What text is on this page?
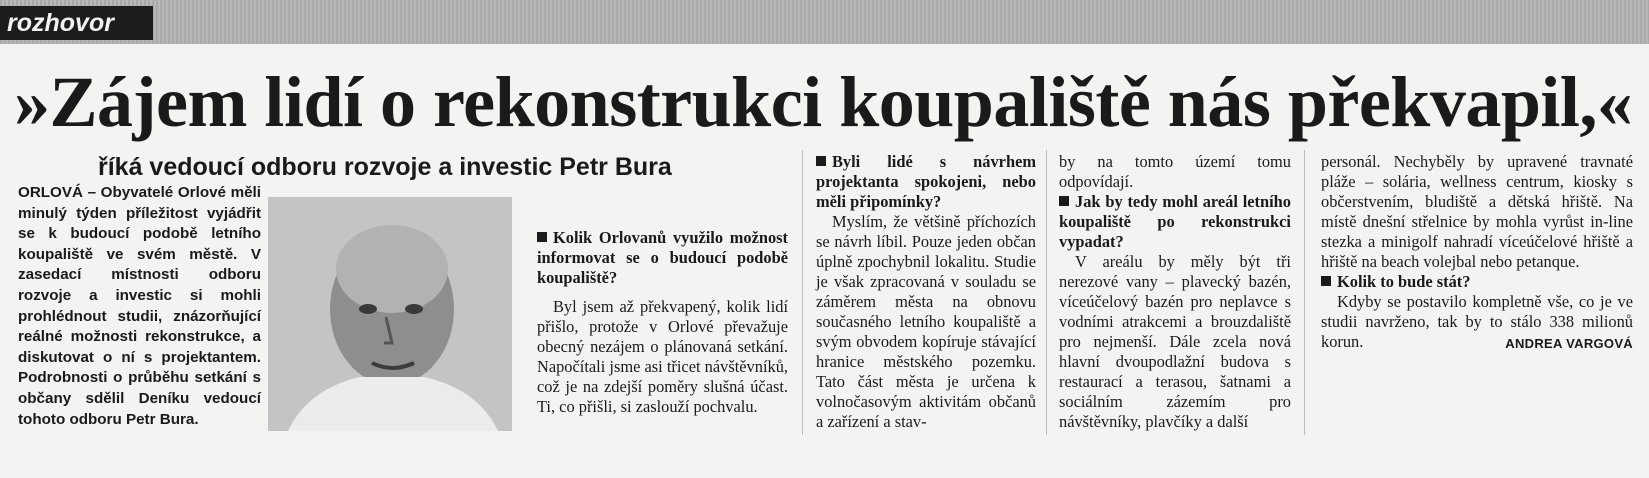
rozhovor
»Zájem lidí o rekonstrukci koupaliště nás překvapil,«
říká vedoucí odboru rozvoje a investic Petr Bura
ORLOVÁ – Obyvatelé Orlové měli minulý týden příležitost vyjádřit se k budoucí podobě letního koupaliště ve svém městě. V zasedací místnosti odboru rozvoje a investic si mohli prohlédnout studii, znázorňující reálné možnosti rekonstrukce, a diskutovat o ní s projektantem. Podrobnosti o průběhu setkání s občany sdělil Deníku vedoucí tohoto odboru Petr Bura.
Kolik Orlovanů využilo možnost informovat se o budoucí podobě koupaliště?

Byl jsem až překvapený, kolik lidí přišlo, protože v Orlové převažuje obecný nezájem o plánovaná setkání. Napočítali jsme asi třicet návštěvníků, což je na zdejší poměry slušná účast. Ti, co přišli, si zaslouží pochvalu.

Byli lidé s návrhem projektanta spokojeni, nebo měli připomínky?

Myslím, že většině příchozích se návrh líbil. Pouze jeden občan úplně zpochybnil lokalitu. Studie je však zpracovaná v souladu se záměrem města na obnovu současného letního koupaliště a svým obvodem kopíruje stávající hranice městského pozemku. Tato část města je určena k volnočasovým aktivitám občanů a zařízení a stav-

by na tomto území tomu odpovídají.

Jak by tedy mohl areál letního koupaliště po rekonstrukci vypadat?

V areálu by měly být tři nerezové vany – plavecký bazén, víceúčelový bazén pro neplavce s vodními atrakcemi a brouzdaliště pro nejmenší. Dále zcela nová hlavní dvoupodlažní budova s restaurací a terasou, šatnami a sociálním zázemím pro návštěvníky, plavčíky a další

personál. Nechyběly by upravené travnaté pláže – solária, wellness centrum, kiosky s občerstvením, bludiště a dětská hřiště. Na místě dnešní střelnice by mohla vyrůst in-line stezka a minigolf nahradí víceúčelové hřiště a hřiště na beach volejbal nebo petanque.

Kolik to bude stát?

Kdyby se postavilo kompletně vše, co je ve studii navrženo, tak by to stálo 338 milionů korun.	ANDREA VARGOVÁ
